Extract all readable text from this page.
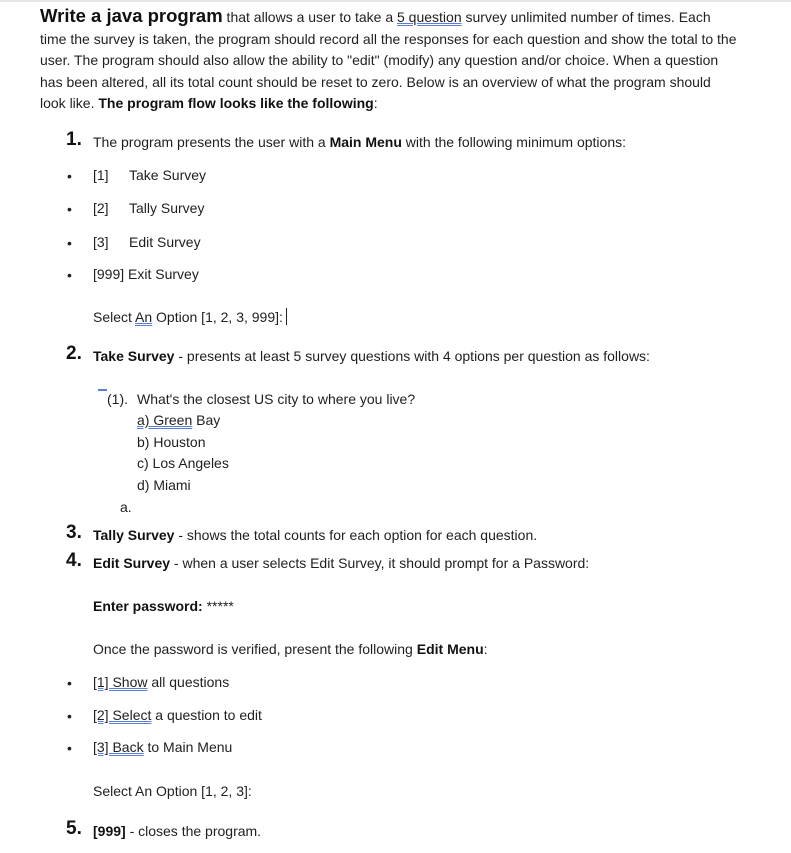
Write a java program that allows a user to take a 5 question survey unlimited number of times. Each time the survey is taken, the program should record all the responses for each question and show the total to the user. The program should also allow the ability to "edit" (modify) any question and/or choice. When a question has been altered, all its total count should be reset to zero. Below is an overview of what the program should look like. The program flow looks like the following:
1. The program presents the user with a Main Menu with the following minimum options:
• [1] Take Survey
• [2] Tally Survey
• [3] Edit Survey
• [999] Exit Survey
Select An Option [1, 2, 3, 999]:
2. Take Survey - presents at least 5 survey questions with 4 options per question as follows:
(1). What's the closest US city to where you live?
a) Green Bay
b) Houston
c) Los Angeles
d) Miami
a.
3. Tally Survey - shows the total counts for each option for each question.
4. Edit Survey - when a user selects Edit Survey, it should prompt for a Password:
Enter password: *****
Once the password is verified, present the following Edit Menu:
• [1] Show all questions
• [2] Select a question to edit
• [3] Back to Main Menu
Select An Option [1, 2, 3]:
5. [999] - closes the program.
